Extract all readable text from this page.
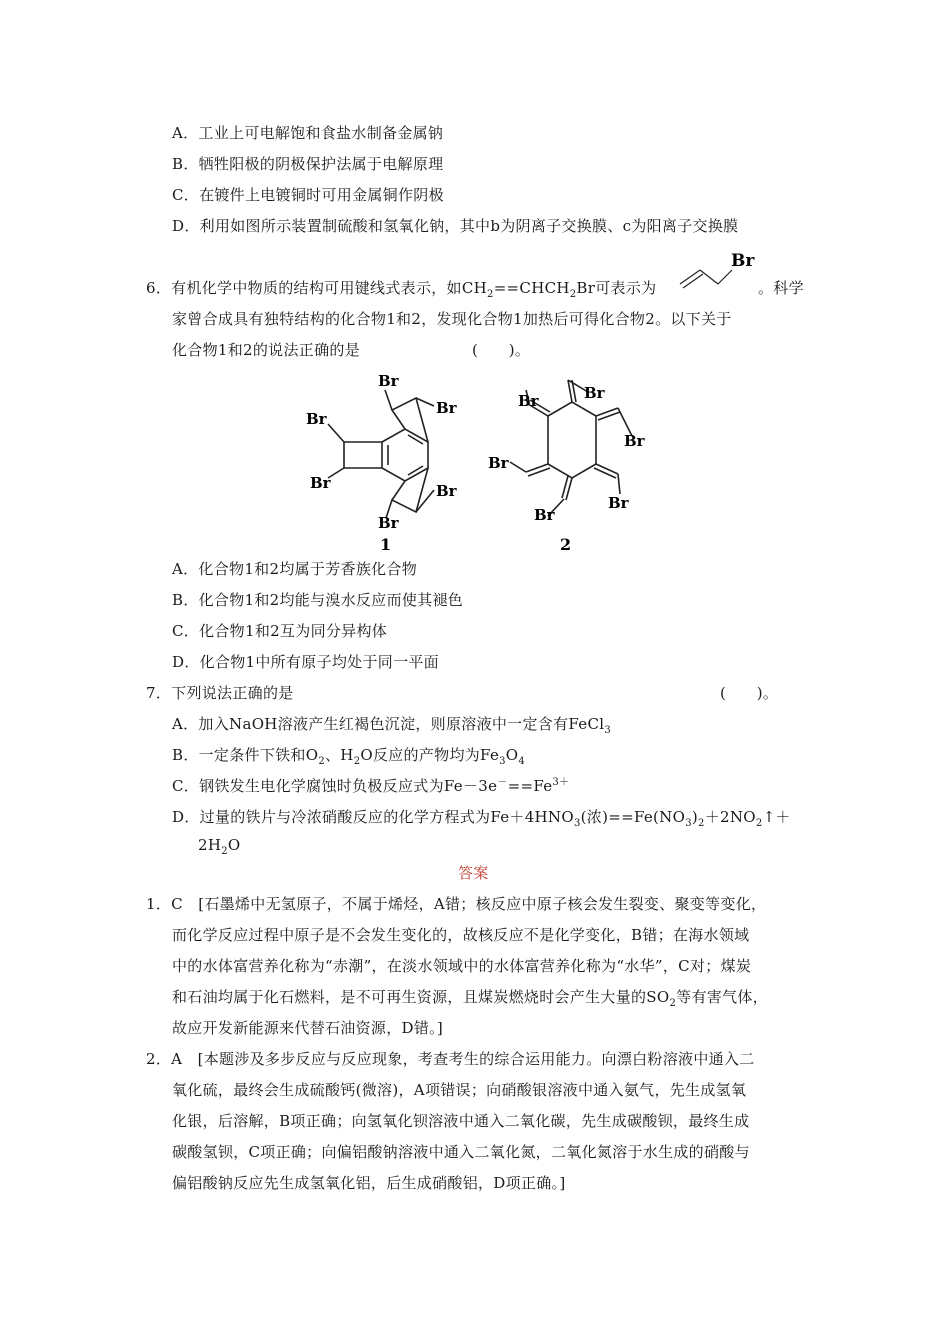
A．工业上可电解饱和食盐水制备金属钠
B．牺牲阳极的阴极保护法属于电解原理
C．在镀件上电镀铜时可用金属铜作阴极
D．利用如图所示装置制硫酸和氢氧化钠，其中b为阴离子交换膜、c为阳离子交换膜
6．有机化学中物质的结构可用键线式表示，如$CH_2==CHCH_2Br$可表示为
Br
。科学
家曾合成具有独特结构的化合物1和2，发现化合物1加热后可得化合物2。以下关于
化合物1和2的说法正确的是	(　　)。
Br
Br
Br
Br	Br
Br
1
Br
Br
Br
Br
Br
Br
2
A．化合物1和2均属于芳香族化合物
B．化合物1和2均能与溴水反应而使其褪色
C．化合物1和2互为同分异构体
D．化合物1中所有原子均处于同一平面
7．下列说法正确的是	(　　)。
A．加入NaOH溶液产生红褐色沉淀，则原溶液中一定含有FeCl$_3$
B．一定条件下铁和$O_2$、$H_2O$反应的产物均为$Fe_3O_4$
C．钢铁发生电化学腐蚀时负极反应式为$Fe-3e^-==Fe^{3+}$
D．过量的铁片与冷浓硝酸反应的化学方程式为$Fe+4HNO_3$(浓)$==Fe(NO_3)_2+2NO_2↑+$
$2H_2O$
答案
1．C　[石墨烯中无氢原子，不属于烯烃，A错；核反应中原子核会发生裂变、聚变等变化，
而化学反应过程中原子是不会发生变化的，故核反应不是化学变化，B错；在海水领域
中的水体富营养化称为“赤潮”，在淡水领域中的水体富营养化称为“水华”，C对；煤炭
和石油均属于化石燃料，是不可再生资源，且煤炭燃烧时会产生大量的$SO_2$等有害气体，
故应开发新能源来代替石油资源，D错。]
2．A　[本题涉及多步反应与反应现象，考查考生的综合运用能力。向漂白粉溶液中通入二
氧化硫，最终会生成硫酸钙(微溶)，A项错误；向硝酸银溶液中通入氨气，先生成氢氧
化银，后溶解，B项正确；向氢氧化钡溶液中通入二氧化碳，先生成碳酸钡，最终生成
碳酸氢钡，C项正确；向偏铝酸钠溶液中通入二氧化氮，二氧化氮溶于水生成的硝酸与
偏铝酸钠反应先生成氢氧化铝，后生成硝酸铝，D项正确。]
